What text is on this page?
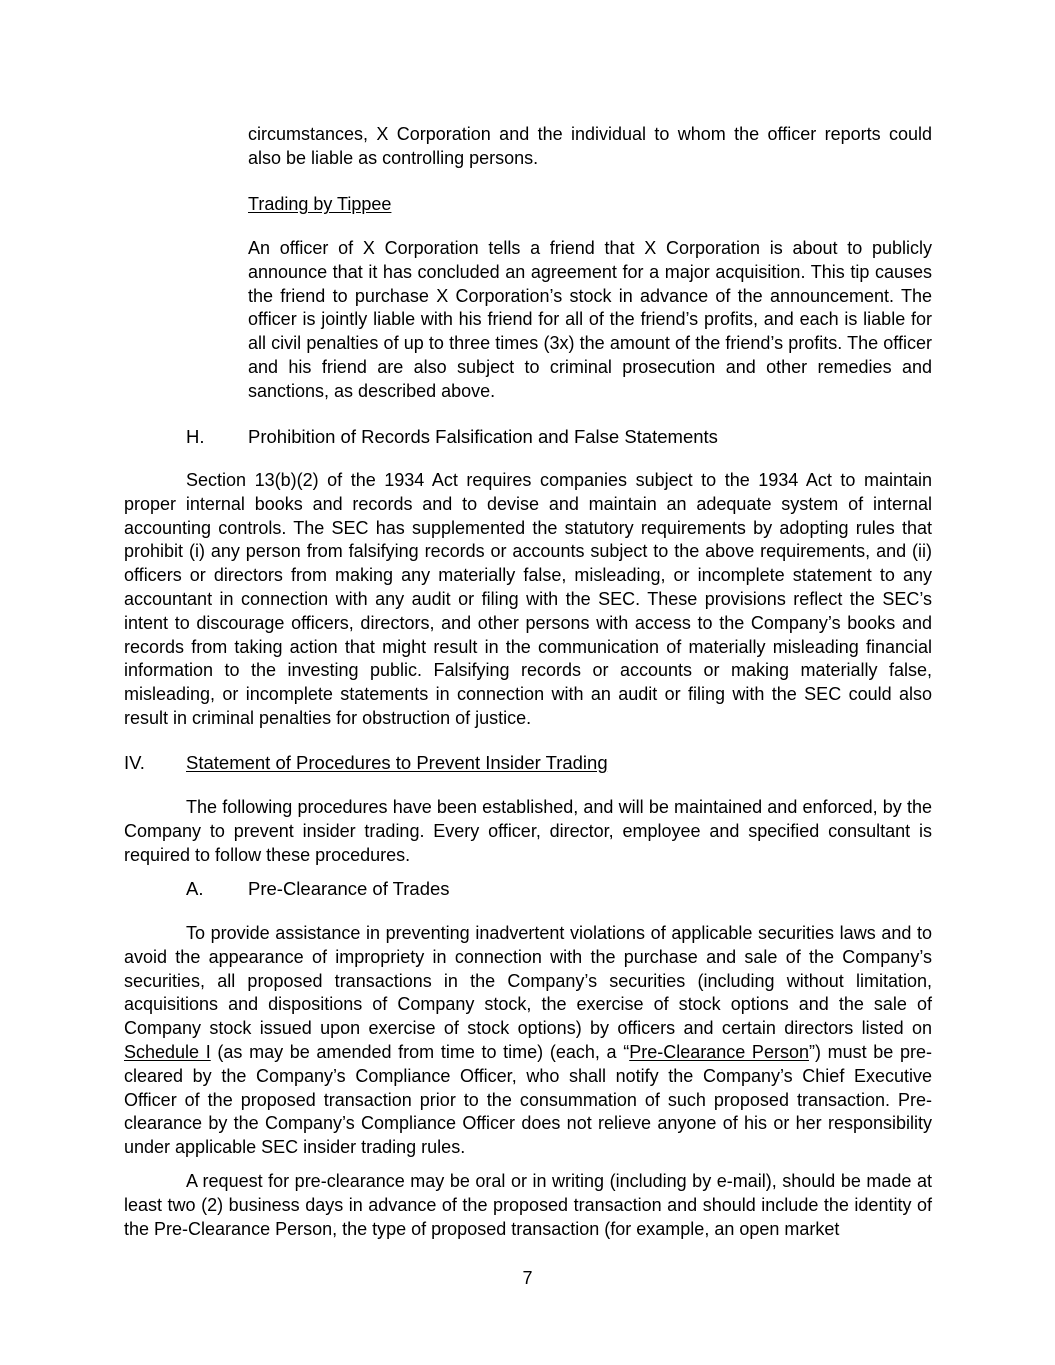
circumstances, X Corporation and the individual to whom the officer reports could also be liable as controlling persons.

Trading by Tippee

An officer of X Corporation tells a friend that X Corporation is about to publicly announce that it has concluded an agreement for a major acquisition. This tip causes the friend to purchase X Corporation’s stock in advance of the announcement. The officer is jointly liable with his friend for all of the friend’s profits, and each is liable for all civil penalties of up to three times (3x) the amount of the friend’s profits. The officer and his friend are also subject to criminal prosecution and other remedies and sanctions, as described above.

H. Prohibition of Records Falsification and False Statements

Section 13(b)(2) of the 1934 Act requires companies subject to the 1934 Act to maintain proper internal books and records and to devise and maintain an adequate system of internal accounting controls. The SEC has supplemented the statutory requirements by adopting rules that prohibit (i) any person from falsifying records or accounts subject to the above requirements, and (ii) officers or directors from making any materially false, misleading, or incomplete statement to any accountant in connection with any audit or filing with the SEC. These provisions reflect the SEC’s intent to discourage officers, directors, and other persons with access to the Company’s books and records from taking action that might result in the communication of materially misleading financial information to the investing public. Falsifying records or accounts or making materially false, misleading, or incomplete statements in connection with an audit or filing with the SEC could also result in criminal penalties for obstruction of justice.

IV. Statement of Procedures to Prevent Insider Trading

The following procedures have been established, and will be maintained and enforced, by the Company to prevent insider trading. Every officer, director, employee and specified consultant is required to follow these procedures.

A. Pre-Clearance of Trades

To provide assistance in preventing inadvertent violations of applicable securities laws and to avoid the appearance of impropriety in connection with the purchase and sale of the Company’s securities, all proposed transactions in the Company’s securities (including without limitation, acquisitions and dispositions of Company stock, the exercise of stock options and the sale of Company stock issued upon exercise of stock options) by officers and certain directors listed on Schedule I (as may be amended from time to time) (each, a “Pre-Clearance Person”) must be pre-cleared by the Company’s Compliance Officer, who shall notify the Company’s Chief Executive Officer of the proposed transaction prior to the consummation of such proposed transaction. Pre-clearance by the Company’s Compliance Officer does not relieve anyone of his or her responsibility under applicable SEC insider trading rules.

A request for pre-clearance may be oral or in writing (including by e-mail), should be made at least two (2) business days in advance of the proposed transaction and should include the identity of the Pre-Clearance Person, the type of proposed transaction (for example, an open market

7
